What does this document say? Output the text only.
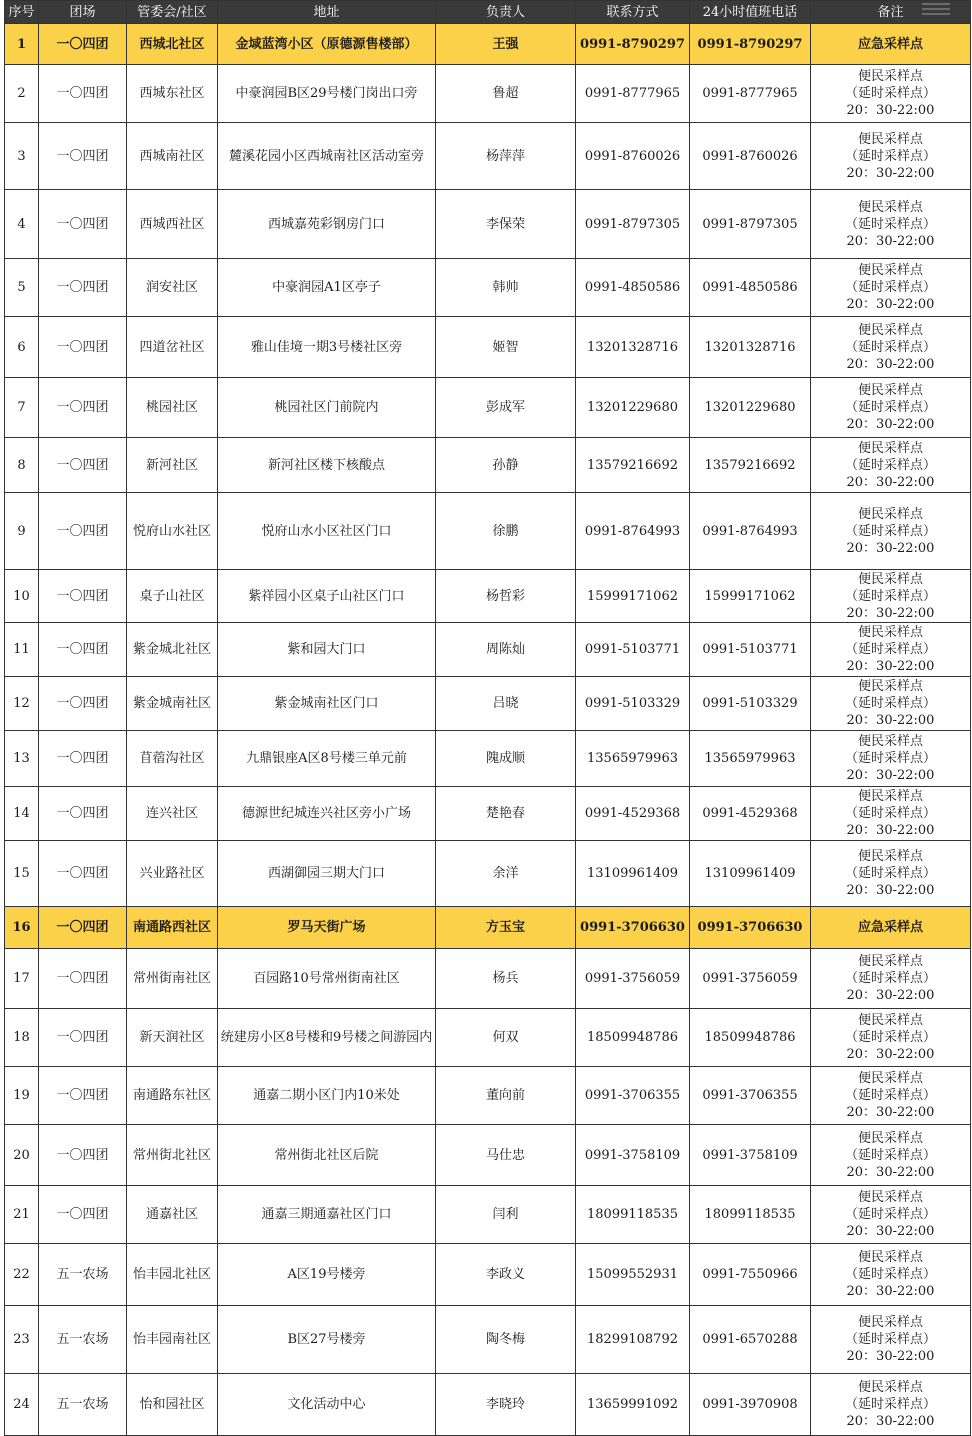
序号	团场	管委会/社区	地址	负责人	联系方式	24小时值班电话	备注
1	一〇四团	西城北社区	金域蓝湾小区（原德源售楼部）	王强	0991-8790297	0991-8790297	应急采样点

2	一〇四团	西城东社区	中豪润园B区29号楼门岗出口旁	鲁超	0991-8777965	0991-8777965	便民采样点
（延时采样点）
20：30-22:00

3	一〇四团	西城南社区	麓溪花园小区西城南社区活动室旁	杨萍萍	0991-8760026	0991-8760026	便民采样点
（延时采样点）
20：30-22:00

4	一〇四团	西城西社区	西城嘉苑彩钢房门口	李保荣	0991-8797305	0991-8797305	便民采样点
（延时采样点）
20：30-22:00

5	一〇四团	润安社区	中豪润园A1区亭子	韩帅	0991-4850586	0991-4850586	便民采样点
（延时采样点）
20：30-22:00

6	一〇四团	四道岔社区	雅山佳境一期3号楼社区旁	姬智	13201328716	13201328716	便民采样点
（延时采样点）
20：30-22:00

7	一〇四团	桃园社区	桃园社区门前院内	彭成军	13201229680	13201229680	便民采样点
（延时采样点）
20：30-22:00

8	一〇四团	新河社区	新河社区楼下核酸点	孙静	13579216692	13579216692	便民采样点
（延时采样点）
20：30-22:00

9	一〇四团	悦府山水社区	悦府山水小区社区门口	徐鹏	0991-8764993	0991-8764993	便民采样点
（延时采样点）
20：30-22:00

10	一〇四团	桌子山社区	紫祥园小区桌子山社区门口	杨哲彩	15999171062	15999171062	便民采样点
（延时采样点）
20：30-22:00

11	一〇四团	紫金城北社区	紫和园大门口	周陈灿	0991-5103771	0991-5103771	便民采样点
（延时采样点）
20：30-22:00

12	一〇四团	紫金城南社区	紫金城南社区门口	吕晓	0991-5103329	0991-5103329	便民采样点
（延时采样点）
20：30-22:00

13	一〇四团	苜蓿沟社区	九鼎银座A区8号楼三单元前	隗成顺	13565979963	13565979963	便民采样点
（延时采样点）
20：30-22:00

14	一〇四团	连兴社区	德源世纪城连兴社区旁小广场	楚艳春	0991-4529368	0991-4529368	便民采样点
（延时采样点）
20：30-22:00

15	一〇四团	兴业路社区	西湖御园三期大门口	余洋	13109961409	13109961409	便民采样点
（延时采样点）
20：30-22:00

16	一〇四团	南通路西社区	罗马天街广场	方玉宝	0991-3706630	0991-3706630	应急采样点

17	一〇四团	常州街南社区	百园路10号常州街南社区	杨兵	0991-3756059	0991-3756059	便民采样点
（延时采样点）
20：30-22:00

18	一〇四团	新天润社区	统建房小区8号楼和9号楼之间游园内	何双	18509948786	18509948786	便民采样点
（延时采样点）
20：30-22:00

19	一〇四团	南通路东社区	通嘉二期小区门内10米处	董向前	0991-3706355	0991-3706355	便民采样点
（延时采样点）
20：30-22:00

20	一〇四团	常州街北社区	常州街北社区后院	马仕忠	0991-3758109	0991-3758109	便民采样点
（延时采样点）
20：30-22:00

21	一〇四团	通嘉社区	通嘉三期通嘉社区门口	闫利	18099118535	18099118535	便民采样点
（延时采样点）
20：30-22:00

22	五一农场	怡丰园北社区	A区19号楼旁	李政义	15099552931	0991-7550966	便民采样点
（延时采样点）
20：30-22:00

23	五一农场	怡丰园南社区	B区27号楼旁	陶冬梅	18299108792	0991-6570288	便民采样点
（延时采样点）
20：30-22:00

24	五一农场	怡和园社区	文化活动中心	李晓玲	13659991092	0991-3970908	便民采样点
（延时采样点）
20：30-22:00
